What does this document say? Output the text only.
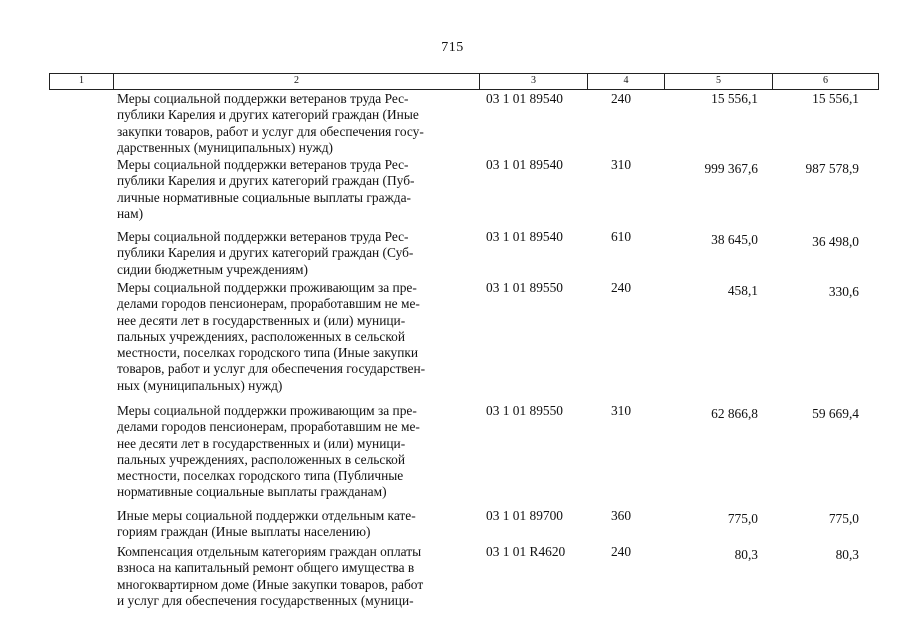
715
1	2	3	4	5	6
Меры социальной поддержки ветеранов труда Рес-
публики Карелия и других категорий граждан (Иные
закупки товаров, работ и услуг для обеспечения госу-
дарственных (муниципальных) нужд)
03 1 01 89540	240	15 556,1	15 556,1
Меры социальной поддержки ветеранов труда Рес-
публики Карелия и других категорий граждан (Пуб-
личные нормативные социальные выплаты гражда-
нам)
03 1 01 89540	310	999 367,6	987 578,9
Меры социальной поддержки ветеранов труда Рес-
публики Карелия и других категорий граждан (Суб-
сидии бюджетным учреждениям)
03 1 01 89540	610	38 645,0	36 498,0
Меры социальной поддержки проживающим за пре-
делами городов пенсионерам, проработавшим не ме-
нее десяти лет в государственных и (или) муници-
пальных учреждениях, расположенных в сельской
местности, поселках городского типа (Иные закупки
товаров, работ и услуг для обеспечения государствен-
ных (муниципальных) нужд)
03 1 01 89550	240	458,1	330,6
Меры социальной поддержки проживающим за пре-
делами городов пенсионерам, проработавшим не ме-
нее десяти лет в государственных и (или) муници-
пальных учреждениях, расположенных в сельской
местности, поселках городского типа (Публичные
нормативные социальные выплаты гражданам)
03 1 01 89550	310	62 866,8	59 669,4
Иные меры социальной поддержки отдельным кате-
гориям граждан (Иные выплаты населению)
03 1 01 89700	360	775,0	775,0
Компенсация отдельным категориям граждан оплаты
взноса на капитальный ремонт общего имущества в
многоквартирном доме (Иные закупки товаров, работ
и услуг для обеспечения государственных (муници-
03 1 01 R4620	240	80,3	80,3
